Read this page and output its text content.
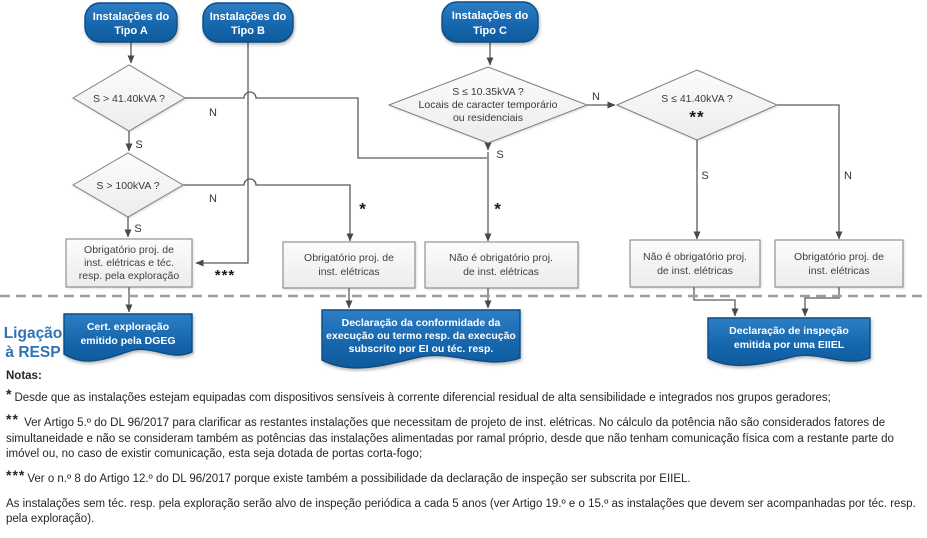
N
S
N
S
S
N
S	N
*	*
***
Instalações do
Tipo A
Instalações do
Tipo B
Instalações do
Tipo C
S > 41.40kVA ?
S > 100kVA ?
S ≤ 10.35kVA ?
Locais de caracter temporário
ou residenciais
S ≤ 41.40kVA ?
**
Obrigatório proj. de
inst. elétricas e téc.
resp. pela exploração
Obrigatório proj. de
inst. elétricas
Não é obrigatório proj.
de inst. elétricas
Não é obrigatório proj.
de inst. elétricas
Obrigatório proj. de
inst. elétricas
Ligação
à RESP
Cert. exploração
emitido pela DGEG
Declaração da conformidade da
execução ou termo resp. da execução
subscrito por EI ou téc. resp.
Declaração de inspeção
emitida por uma EIIEL
Notas:

* Desde que as instalações estejam equipadas com dispositivos sensíveis à corrente diferencial residual de alta sensibilidade e integrados nos grupos geradores;

** Ver Artigo 5.º do DL 96/2017 para clarificar as restantes instalações que necessitam de projeto de inst. elétricas. No cálculo da potência não são considerados fatores de simultaneidade e não se consideram também as potências das instalações alimentadas por ramal próprio, desde que não tenham comunicação física com a restante parte do imóvel ou, no caso de existir comunicação, esta seja dotada de portas corta-fogo;

*** Ver o n.º 8 do Artigo 12.º do DL 96/2017 porque existe também a possibilidade da declaração de inspeção ser subscrita por EIIEL.

As instalações sem téc. resp. pela exploração serão alvo de inspeção periódica a cada 5 anos (ver Artigo 19.º e o 15.º as instalações que devem ser acompanhadas por téc. resp. pela exploração).
